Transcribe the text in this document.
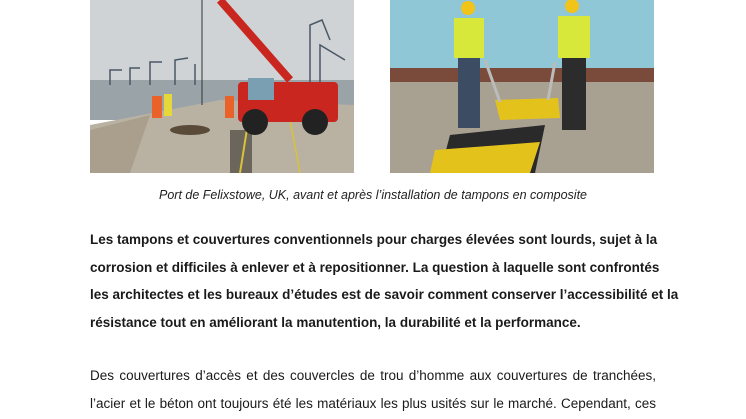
Port de Felixstowe, UK, avant et après l’installation de tampons en composite
Les tampons et couvertures conventionnels pour charges élevées sont lourds, sujet à la
corrosion et difficiles à enlever et à repositionner. La question à laquelle sont confrontés
les architectes et les bureaux d’études est de savoir comment conserver l’accessibilité et la
résistance tout en améliorant la manutention, la durabilité et la performance.
Des couvertures d’accès et des couvercles de trou d’homme aux couvertures de tranchées,
l’acier et le béton ont toujours été les matériaux les plus usités sur le marché. Cependant, ces
